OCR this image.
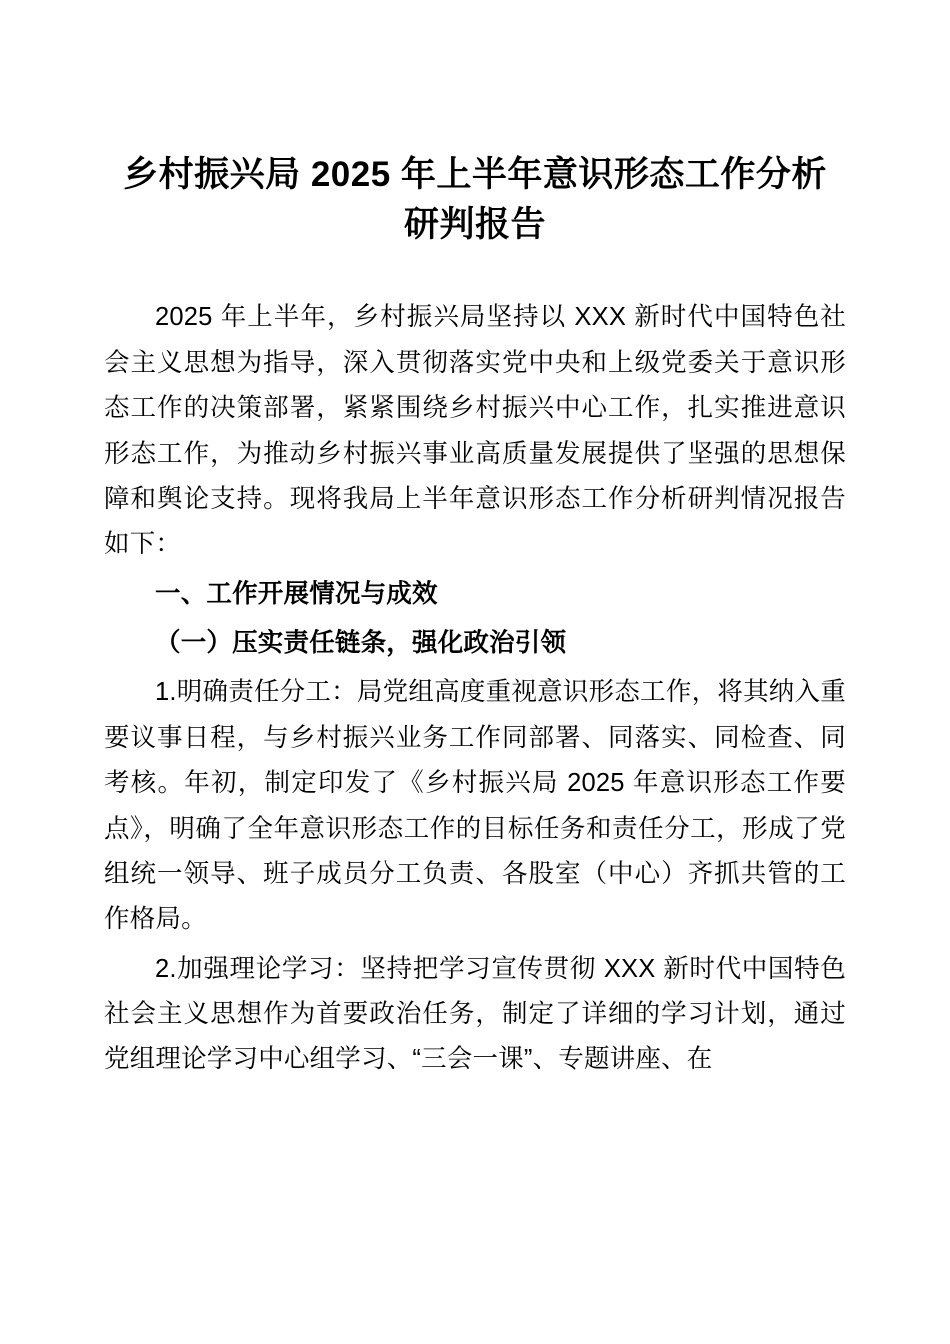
乡村振兴局 2025 年上半年意识形态工作分析研判报告

2025 年上半年，乡村振兴局坚持以 XXX 新时代中国特色社会主义思想为指导，深入贯彻落实党中央和上级党委关于意识形态工作的决策部署，紧紧围绕乡村振兴中心工作，扎实推进意识形态工作，为推动乡村振兴事业高质量发展提供了坚强的思想保障和舆论支持。现将我局上半年意识形态工作分析研判情况报告如下：

一、工作开展情况与成效

（一）压实责任链条，强化政治引领

1.明确责任分工：局党组高度重视意识形态工作，将其纳入重要议事日程，与乡村振兴业务工作同部署、同落实、同检查、同考核。年初，制定印发了《乡村振兴局 2025 年意识形态工作要点》，明确了全年意识形态工作的目标任务和责任分工，形成了党组统一领导、班子成员分工负责、各股室（中心）齐抓共管的工作格局。

2.加强理论学习：坚持把学习宣传贯彻 XXX 新时代中国特色社会主义思想作为首要政治任务，制定了详细的学习计划，通过党组理论学习中心组学习、“三会一课”、专题讲座、在
